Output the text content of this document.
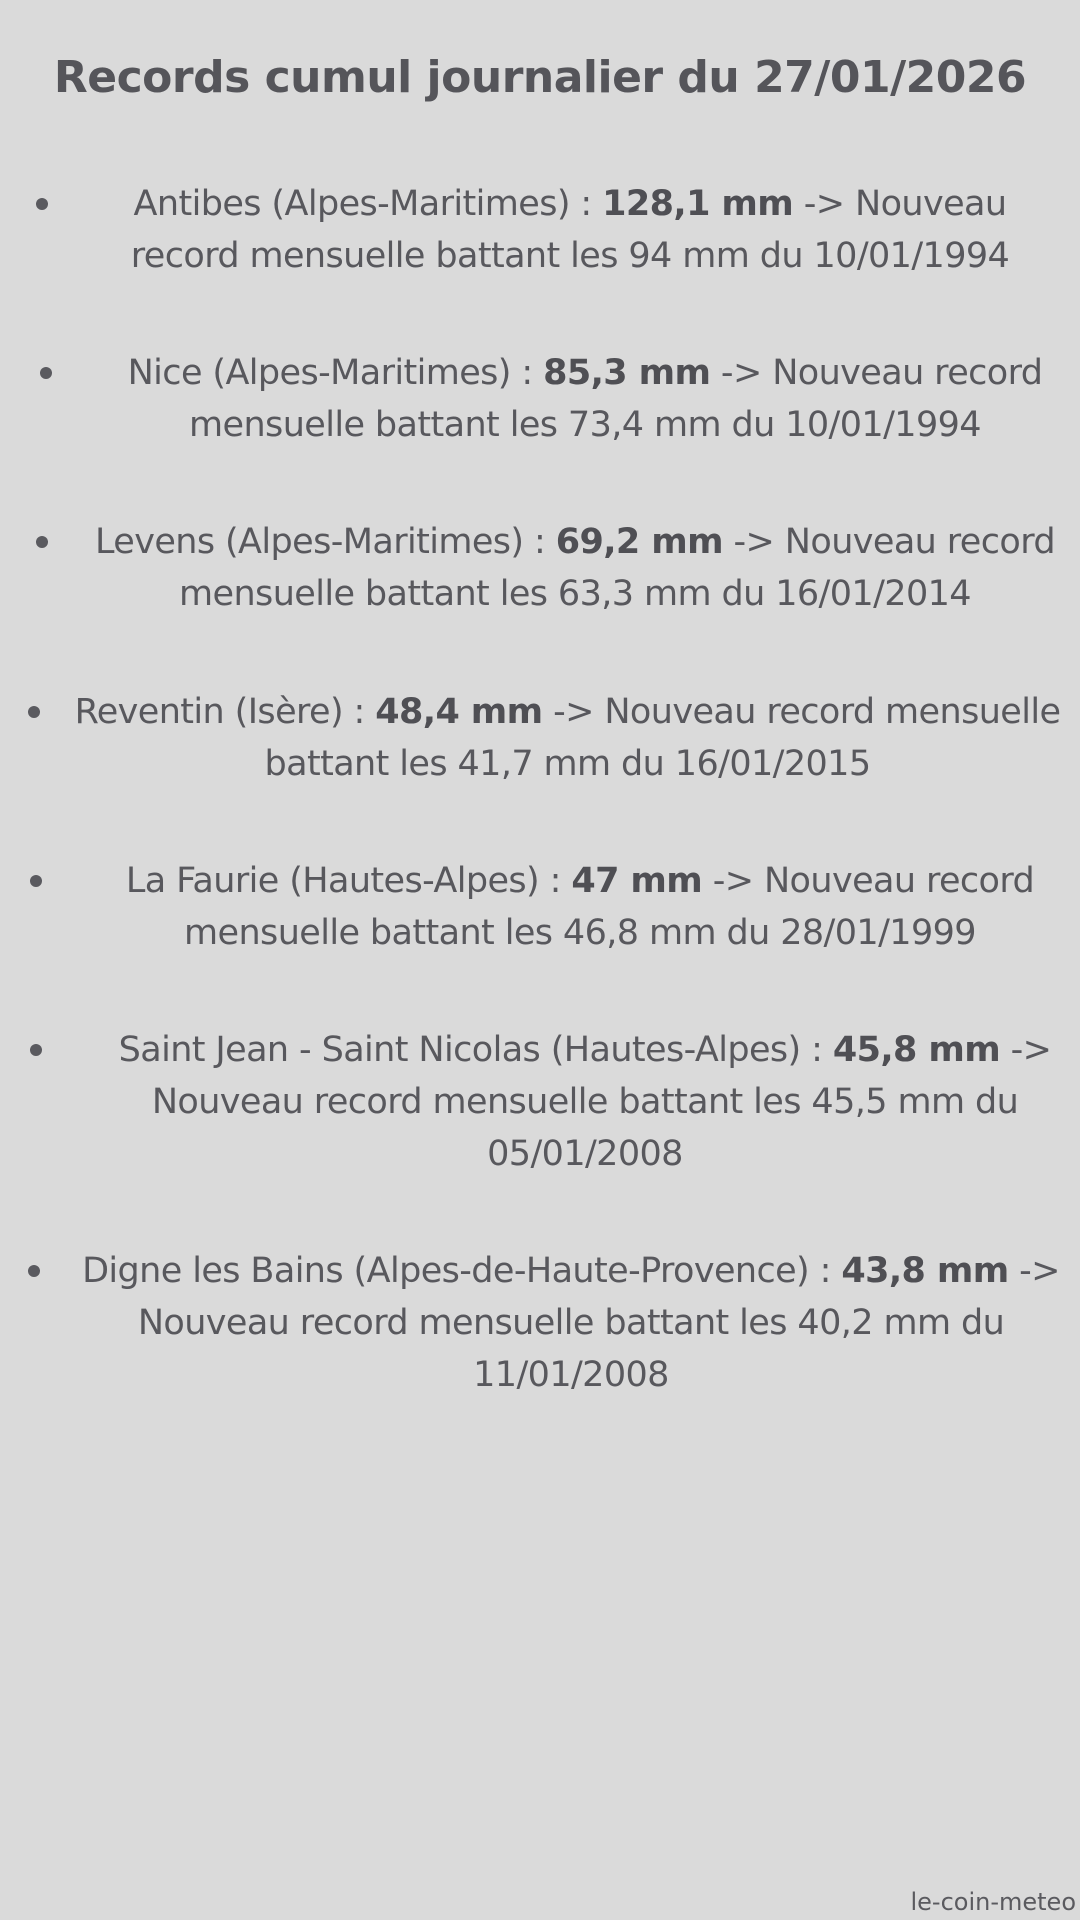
Records cumul journalier du 27/01/2026
Antibes (Alpes-Maritimes) : 128,1 mm -> Nouveau record mensuelle battant les 94 mm du 10/01/1994
Nice (Alpes-Maritimes) : 85,3 mm -> Nouveau record mensuelle battant les 73,4 mm du 10/01/1994
Levens (Alpes-Maritimes) : 69,2 mm -> Nouveau record mensuelle battant les 63,3 mm du 16/01/2014
Reventin (Isère) : 48,4 mm -> Nouveau record mensuelle battant les 41,7 mm du 16/01/2015
La Faurie (Hautes-Alpes) : 47 mm -> Nouveau record mensuelle battant les 46,8 mm du 28/01/1999
Saint Jean - Saint Nicolas (Hautes-Alpes) : 45,8 mm -> Nouveau record mensuelle battant les 45,5 mm du 05/01/2008
Digne les Bains (Alpes-de-Haute-Provence) : 43,8 mm -> Nouveau record mensuelle battant les 40,2 mm du 11/01/2008
le-coin-meteo
